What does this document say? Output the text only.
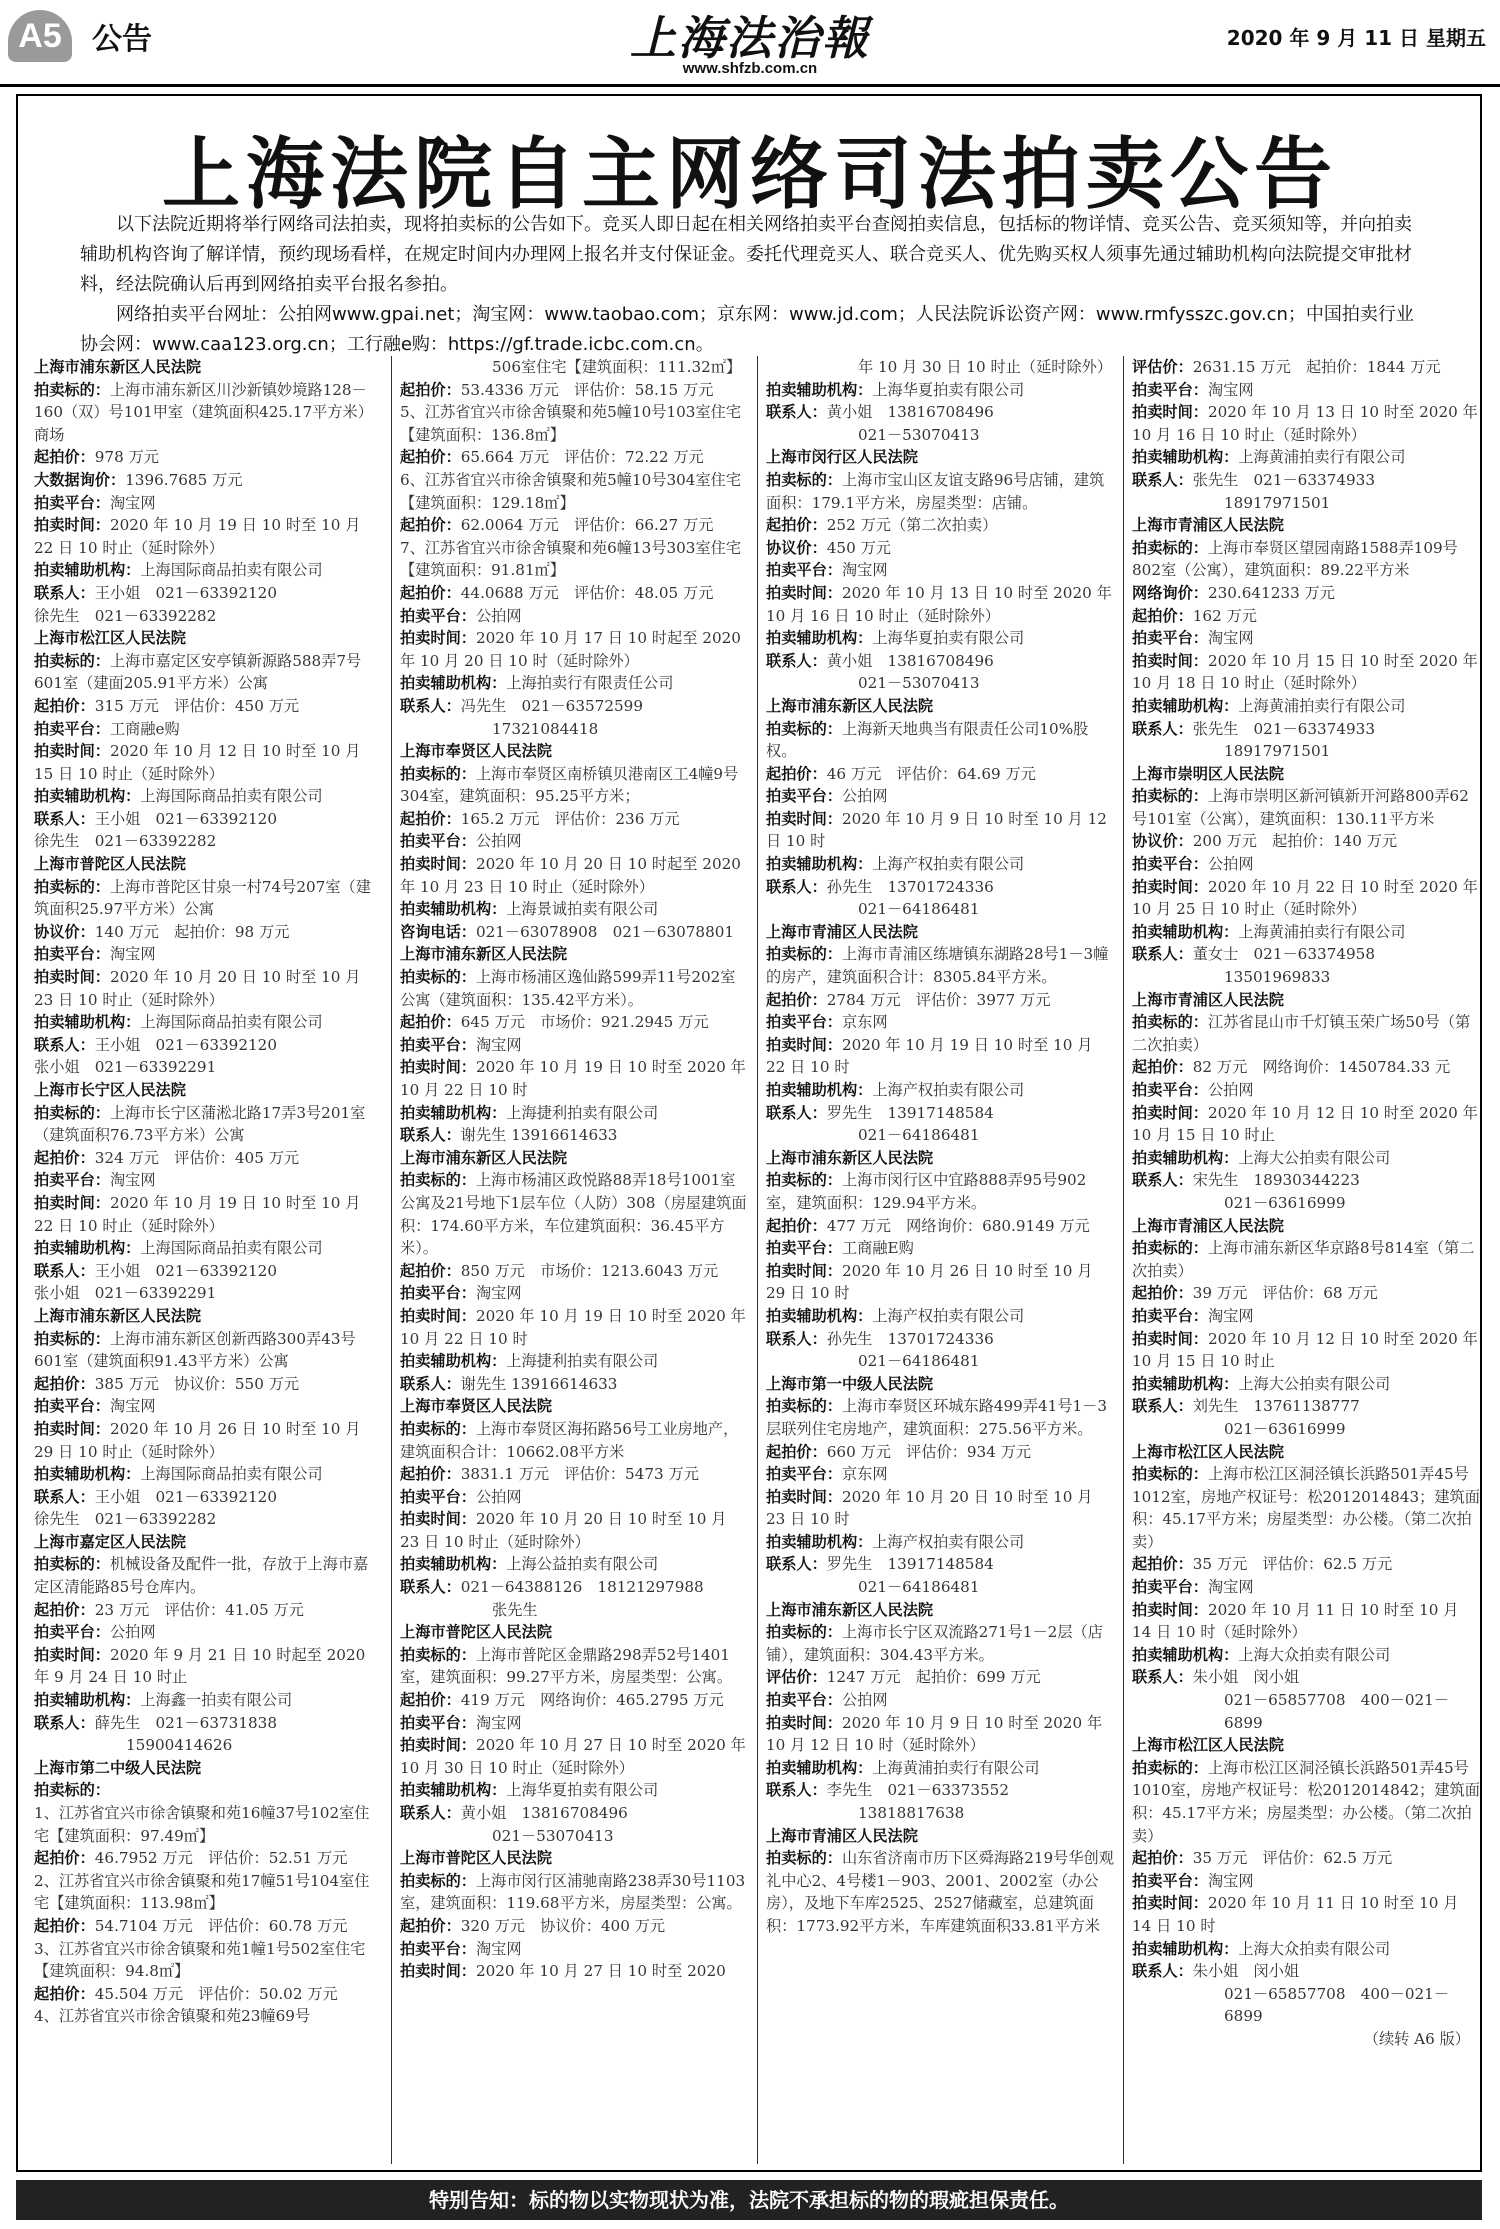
A5	公告	上海法治報
www.shfzb.com.cn
2020 年 9 月 11 日 星期五
上海法院自主网络司法拍卖公告

以下法院近期将举行网络司法拍卖，现将拍卖标的公告如下。竞买人即日起在相关网络拍卖平台查阅拍卖信息，包括标的物详情、竞买公告、竞买须知等，并向拍卖辅助机构咨询了解详情，预约现场看样，在规定时间内办理网上报名并支付保证金。委托代理竞买人、联合竞买人、优先购买权人须事先通过辅助机构向法院提交审批材料，经法院确认后再到网络拍卖平台报名参拍。

网络拍卖平台网址：公拍网www.gpai.net；淘宝网：www.taobao.com；京东网：www.jd.com；人民法院诉讼资产网：www.rmfysszc.gov.cn；中国拍卖行业协会网：www.caa123.org.cn；工行融e购：https://gf.trade.icbc.com.cn。

上海市浦东新区人民法院
拍卖标的：上海市浦东新区川沙新镇妙境路128－160（双）号101甲室（建筑面积425.17平方米）商场
起拍价：978 万元
大数据询价：1396.7685 万元
拍卖平台：淘宝网
拍卖时间：2020 年 10 月 19 日 10 时至 10 月 22 日 10 时止（延时除外）
拍卖辅助机构：上海国际商品拍卖有限公司
联系人：王小姐　021－63392120
徐先生　021－63392282
上海市松江区人民法院
拍卖标的：上海市嘉定区安亭镇新源路588弄7号601室（建面205.91平方米）公寓
起拍价：315 万元　评估价：450 万元
拍卖平台：工商融e购
拍卖时间：2020 年 10 月 12 日 10 时至 10 月 15 日 10 时止（延时除外）
拍卖辅助机构：上海国际商品拍卖有限公司
联系人：王小姐　021－63392120
徐先生　021－63392282
上海市普陀区人民法院
拍卖标的：上海市普陀区甘泉一村74号207室（建筑面积25.97平方米）公寓
协议价：140 万元　起拍价：98 万元
拍卖平台：淘宝网
拍卖时间：2020 年 10 月 20 日 10 时至 10 月 23 日 10 时止（延时除外）
拍卖辅助机构：上海国际商品拍卖有限公司
联系人：王小姐　021－63392120
张小姐　021－63392291
上海市长宁区人民法院
拍卖标的：上海市长宁区蒲淞北路17弄3号201室（建筑面积76.73平方米）公寓
起拍价：324 万元　评估价：405 万元
拍卖平台：淘宝网
拍卖时间：2020 年 10 月 19 日 10 时至 10 月 22 日 10 时止（延时除外）
拍卖辅助机构：上海国际商品拍卖有限公司
联系人：王小姐　021－63392120
张小姐　021－63392291
上海市浦东新区人民法院
拍卖标的：上海市浦东新区创新西路300弄43号601室（建筑面积91.43平方米）公寓
起拍价：385 万元　协议价：550 万元
拍卖平台：淘宝网
拍卖时间：2020 年 10 月 26 日 10 时至 10 月 29 日 10 时止（延时除外）
拍卖辅助机构：上海国际商品拍卖有限公司
联系人：王小姐　021－63392120
徐先生　021－63392282
上海市嘉定区人民法院
拍卖标的：机械设备及配件一批，存放于上海市嘉定区清能路85号仓库内。
起拍价：23 万元　评估价：41.05 万元
拍卖平台：公拍网
拍卖时间：2020 年 9 月 21 日 10 时起至 2020 年 9 月 24 日 10 时止
拍卖辅助机构：上海鑫一拍卖有限公司
联系人：薛先生　021－63731838
15900414626
上海市第二中级人民法院
拍卖标的：
1、江苏省宜兴市徐舍镇聚和苑16幢37号102室住宅【建筑面积：97.49㎡】
起拍价：46.7952 万元　评估价：52.51 万元
2、江苏省宜兴市徐舍镇聚和苑17幢51号104室住宅【建筑面积：113.98㎡】
起拍价：54.7104 万元　评估价：60.78 万元
3、江苏省宜兴市徐舍镇聚和苑1幢1号502室住宅【建筑面积：94.8㎡】
起拍价：45.504 万元　评估价：50.02 万元
4、江苏省宜兴市徐舍镇聚和苑23幢69号
506室住宅【建筑面积：111.32㎡】
起拍价：53.4336 万元　评估价：58.15 万元
5、江苏省宜兴市徐舍镇聚和苑5幢10号103室住宅【建筑面积：136.8㎡】
起拍价：65.664 万元　评估价：72.22 万元
6、江苏省宜兴市徐舍镇聚和苑5幢10号304室住宅【建筑面积：129.18㎡】
起拍价：62.0064 万元　评估价：66.27 万元
7、江苏省宜兴市徐舍镇聚和苑6幢13号303室住宅【建筑面积：91.81㎡】
起拍价：44.0688 万元　评估价：48.05 万元
拍卖平台：公拍网
拍卖时间：2020 年 10 月 17 日 10 时起至 2020 年 10 月 20 日 10 时（延时除外）
拍卖辅助机构：上海拍卖行有限责任公司
联系人：冯先生　021－63572599
17321084418
上海市奉贤区人民法院
拍卖标的：上海市奉贤区南桥镇贝港南区工4幢9号304室，建筑面积：95.25平方米；
起拍价：165.2 万元　评估价：236 万元
拍卖平台：公拍网
拍卖时间：2020 年 10 月 20 日 10 时起至 2020 年 10 月 23 日 10 时止（延时除外）
拍卖辅助机构：上海景诚拍卖有限公司
咨询电话：021－63078908　021－63078801
上海市浦东新区人民法院
拍卖标的：上海市杨浦区逸仙路599弄11号202室公寓（建筑面积：135.42平方米）。
起拍价：645 万元　市场价：921.2945 万元
拍卖平台：淘宝网
拍卖时间：2020 年 10 月 19 日 10 时至 2020 年 10 月 22 日 10 时
拍卖辅助机构：上海捷利拍卖有限公司
联系人：谢先生 13916614633
上海市浦东新区人民法院
拍卖标的：上海市杨浦区政悦路88弄18号1001室公寓及21号地下1层车位（人防）308（房屋建筑面积：174.60平方米，车位建筑面积：36.45平方米）。
起拍价：850 万元　市场价：1213.6043 万元
拍卖平台：淘宝网
拍卖时间：2020 年 10 月 19 日 10 时至 2020 年 10 月 22 日 10 时
拍卖辅助机构：上海捷利拍卖有限公司
联系人：谢先生 13916614633
上海市奉贤区人民法院
拍卖标的：上海市奉贤区海拓路56号工业房地产，建筑面积合计：10662.08平方米
起拍价：3831.1 万元　评估价：5473 万元
拍卖平台：公拍网
拍卖时间：2020 年 10 月 20 日 10 时至 10 月 23 日 10 时止（延时除外）
拍卖辅助机构：上海公益拍卖有限公司
联系人：021－64388126　18121297988
张先生
上海市普陀区人民法院
拍卖标的：上海市普陀区金鼎路298弄52号1401室，建筑面积：99.27平方米，房屋类型：公寓。
起拍价：419 万元　网络询价：465.2795 万元
拍卖平台：淘宝网
拍卖时间：2020 年 10 月 27 日 10 时至 2020 年 10 月 30 日 10 时止（延时除外）
拍卖辅助机构：上海华夏拍卖有限公司
联系人：黄小姐　13816708496
021－53070413
上海市普陀区人民法院
拍卖标的：上海市闵行区浦驰南路238弄30号1103室，建筑面积：119.68平方米，房屋类型：公寓。
起拍价：320 万元　协议价：400 万元
拍卖平台：淘宝网
拍卖时间：2020 年 10 月 27 日 10 时至 2020
年 10 月 30 日 10 时止（延时除外）
拍卖辅助机构：上海华夏拍卖有限公司
联系人：黄小姐　13816708496
021－53070413
上海市闵行区人民法院
拍卖标的：上海市宝山区友谊支路96号店铺，建筑面积：179.1平方米，房屋类型：店铺。
起拍价：252 万元（第二次拍卖）
协议价：450 万元
拍卖平台：淘宝网
拍卖时间：2020 年 10 月 13 日 10 时至 2020 年 10 月 16 日 10 时止（延时除外）
拍卖辅助机构：上海华夏拍卖有限公司
联系人：黄小姐　13816708496
021－53070413
上海市浦东新区人民法院
拍卖标的：上海新天地典当有限责任公司10%股权。
起拍价：46 万元　评估价：64.69 万元
拍卖平台：公拍网
拍卖时间：2020 年 10 月 9 日 10 时至 10 月 12 日 10 时
拍卖辅助机构：上海产权拍卖有限公司
联系人：孙先生　13701724336
021－64186481
上海市青浦区人民法院
拍卖标的：上海市青浦区练塘镇东湖路28号1－3幢的房产，建筑面积合计：8305.84平方米。
起拍价：2784 万元　评估价：3977 万元
拍卖平台：京东网
拍卖时间：2020 年 10 月 19 日 10 时至 10 月 22 日 10 时
拍卖辅助机构：上海产权拍卖有限公司
联系人：罗先生　13917148584
021－64186481
上海市浦东新区人民法院
拍卖标的：上海市闵行区中宜路888弄95号902室，建筑面积：129.94平方米。
起拍价：477 万元　网络询价：680.9149 万元
拍卖平台：工商融E购
拍卖时间：2020 年 10 月 26 日 10 时至 10 月 29 日 10 时
拍卖辅助机构：上海产权拍卖有限公司
联系人：孙先生　13701724336
021－64186481
上海市第一中级人民法院
拍卖标的：上海市奉贤区环城东路499弄41号1－3层联列住宅房地产，建筑面积：275.56平方米。
起拍价：660 万元　评估价：934 万元
拍卖平台：京东网
拍卖时间：2020 年 10 月 20 日 10 时至 10 月 23 日 10 时
拍卖辅助机构：上海产权拍卖有限公司
联系人：罗先生　13917148584
021－64186481
上海市浦东新区人民法院
拍卖标的：上海市长宁区双流路271号1－2层（店铺），建筑面积：304.43平方米。
评估价：1247 万元　起拍价：699 万元
拍卖平台：公拍网
拍卖时间：2020 年 10 月 9 日 10 时至 2020 年 10 月 12 日 10 时（延时除外）
拍卖辅助机构：上海黄浦拍卖行有限公司
联系人：李先生　021－63373552
13818817638
上海市青浦区人民法院
拍卖标的：山东省济南市历下区舜海路219号华创观礼中心2、4号楼1－903、2001、2002室（办公房），及地下车库2525、2527储藏室，总建筑面积：1773.92平方米，车库建筑面积33.81平方米
评估价：2631.15 万元　起拍价：1844 万元
拍卖平台：淘宝网
拍卖时间：2020 年 10 月 13 日 10 时至 2020 年 10 月 16 日 10 时止（延时除外）
拍卖辅助机构：上海黄浦拍卖行有限公司
联系人：张先生　021－63374933
18917971501
上海市青浦区人民法院
拍卖标的：上海市奉贤区望园南路1588弄109号802室（公寓），建筑面积：89.22平方米
网络询价：230.641233 万元
起拍价：162 万元
拍卖平台：淘宝网
拍卖时间：2020 年 10 月 15 日 10 时至 2020 年 10 月 18 日 10 时止（延时除外）
拍卖辅助机构：上海黄浦拍卖行有限公司
联系人：张先生　021－63374933
18917971501
上海市崇明区人民法院
拍卖标的：上海市崇明区新河镇新开河路800弄62号101室（公寓），建筑面积：130.11平方米
协议价：200 万元　起拍价：140 万元
拍卖平台：公拍网
拍卖时间：2020 年 10 月 22 日 10 时至 2020 年 10 月 25 日 10 时止（延时除外）
拍卖辅助机构：上海黄浦拍卖行有限公司
联系人：董女士　021－63374958
13501969833
上海市青浦区人民法院
拍卖标的：江苏省昆山市千灯镇玉荣广场50号（第二次拍卖）
起拍价：82 万元　网络询价：1450784.33 元
拍卖平台：公拍网
拍卖时间：2020 年 10 月 12 日 10 时至 2020 年 10 月 15 日 10 时止
拍卖辅助机构：上海大公拍卖有限公司
联系人：宋先生　18930344223
021－63616999
上海市青浦区人民法院
拍卖标的：上海市浦东新区华京路8号814室（第二次拍卖）
起拍价：39 万元　评估价：68 万元
拍卖平台：淘宝网
拍卖时间：2020 年 10 月 12 日 10 时至 2020 年 10 月 15 日 10 时止
拍卖辅助机构：上海大公拍卖有限公司
联系人：刘先生　13761138777
021－63616999
上海市松江区人民法院
拍卖标的：上海市松江区洞泾镇长浜路501弄45号1012室，房地产权证号：松2012014843；建筑面积：45.17平方米；房屋类型：办公楼。（第二次拍卖）
起拍价：35 万元　评估价：62.5 万元
拍卖平台：淘宝网
拍卖时间：2020 年 10 月 11 日 10 时至 10 月 14 日 10 时（延时除外）
拍卖辅助机构：上海大众拍卖有限公司
联系人：朱小姐　闵小姐
021－65857708　400－021－6899
上海市松江区人民法院
拍卖标的：上海市松江区洞泾镇长浜路501弄45号1010室，房地产权证号：松2012014842；建筑面积：45.17平方米；房屋类型：办公楼。（第二次拍卖）
起拍价：35 万元　评估价：62.5 万元
拍卖平台：淘宝网
拍卖时间：2020 年 10 月 11 日 10 时至 10 月 14 日 10 时
拍卖辅助机构：上海大众拍卖有限公司
联系人：朱小姐　闵小姐
021－65857708　400－021－6899
（续转 A6 版）
特别告知：标的物以实物现状为准，法院不承担标的物的瑕疵担保责任。
